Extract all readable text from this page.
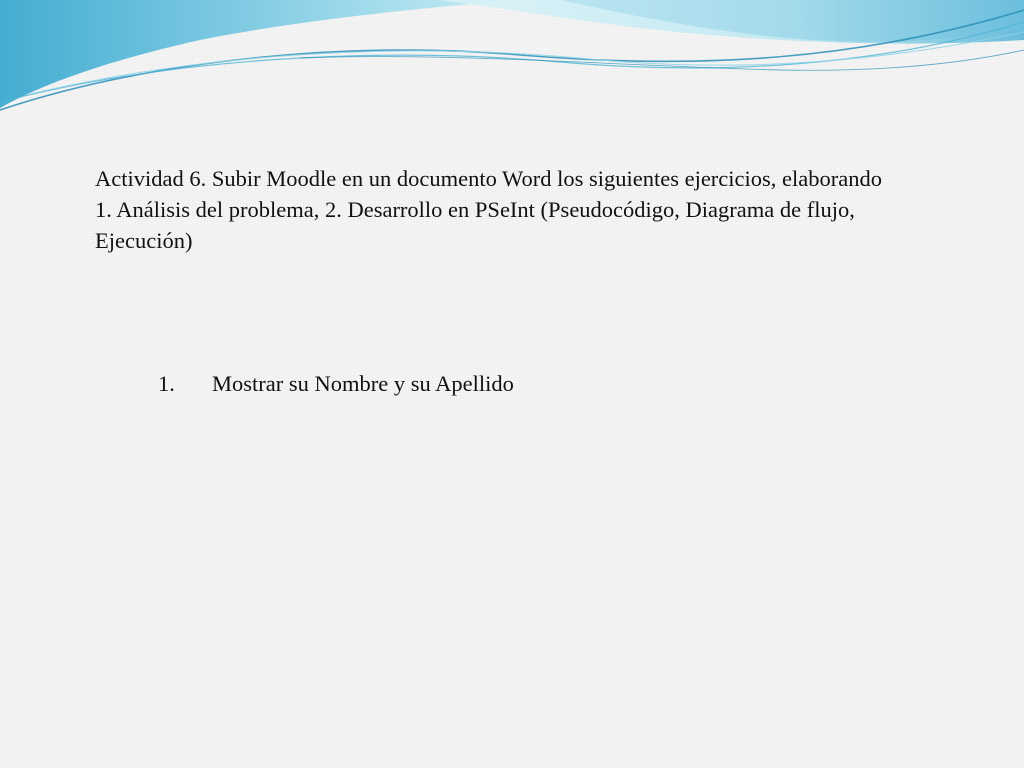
Actividad 6. Subir Moodle en un documento Word los siguientes ejercicios, elaborando 1. Análisis del problema, 2. Desarrollo en PSeInt (Pseudocódigo, Diagrama de flujo, Ejecución)
1. Mostrar su Nombre y su Apellido
